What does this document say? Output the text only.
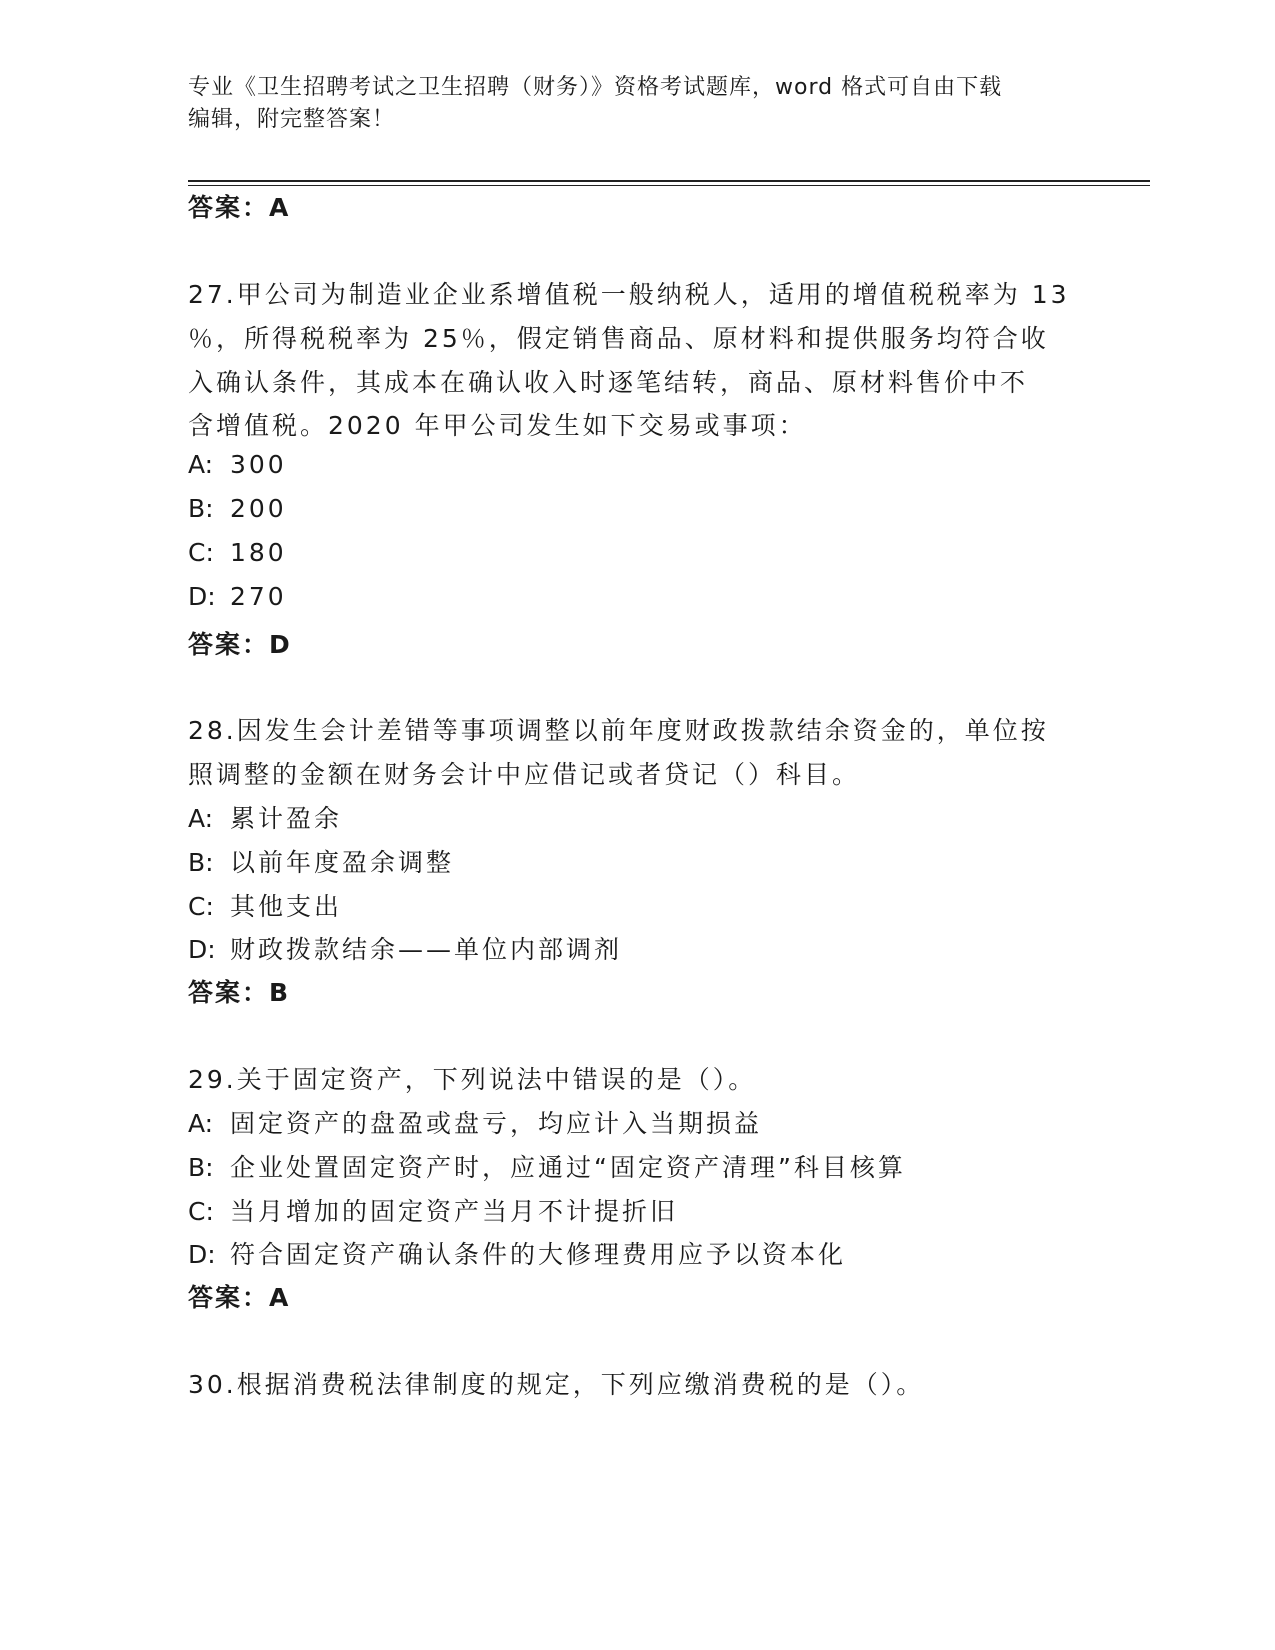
专业《卫生招聘考试之卫生招聘（财务）》资格考试题库，word 格式可自由下载
编辑，附完整答案！
答案：A
27.甲公司为制造业企业系增值税一般纳税人，适用的增值税税率为 13
％，所得税税率为 25％，假定销售商品、原材料和提供服务均符合收
入确认条件，其成本在确认收入时逐笔结转，商品、原材料售价中不
含增值税。2020 年甲公司发生如下交易或事项：
A: 300
B: 200
C: 180
D: 270
答案：D
28.因发生会计差错等事项调整以前年度财政拨款结余资金的，单位按
照调整的金额在财务会计中应借记或者贷记（）科目。
A: 累计盈余
B: 以前年度盈余调整
C: 其他支出
D: 财政拨款结余——单位内部调剂
答案：B
29.关于固定资产，下列说法中错误的是（）。
A: 固定资产的盘盈或盘亏，均应计入当期损益
B: 企业处置固定资产时，应通过“固定资产清理”科目核算
C: 当月增加的固定资产当月不计提折旧
D: 符合固定资产确认条件的大修理费用应予以资本化
答案：A
30.根据消费税法律制度的规定，下列应缴消费税的是（）。
